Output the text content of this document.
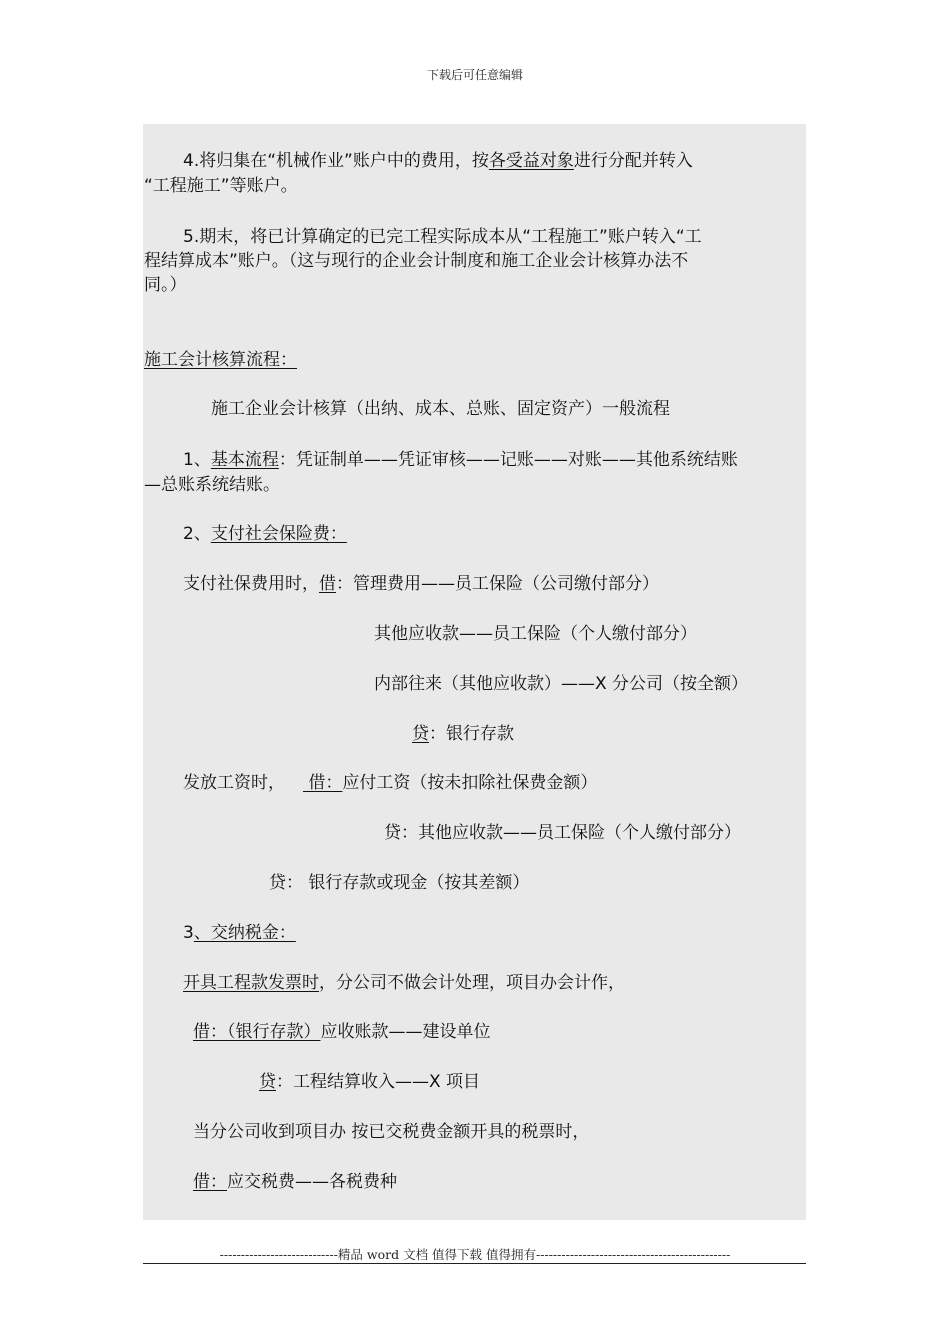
下载后可任意编辑
4.将归集在“机械作业”账户中的费用，按各受益对象进行分配并转入
“工程施工”等账户。
5.期末，将已计算确定的已完工程实际成本从“工程施工”账户转入“工
程结算成本”账户。（这与现行的企业会计制度和施工企业会计核算办法不
同。）
施工会计核算流程：
施工企业会计核算（出纳、成本、总账、固定资产）一般流程
1、基本流程：凭证制单——凭证审核——记账——对账——其他系统结账
—总账系统结账。
2、支付社会保险费：
支付社保费用时，借：管理费用——员工保险（公司缴付部分）
其他应收款——员工保险（个人缴付部分）
内部往来（其他应收款）——X 分公司（按全额）
贷：银行存款
发放工资时， 借：应付工资（按未扣除社保费金额）
贷：其他应收款——员工保险（个人缴付部分）
贷： 银行存款或现金（按其差额）
3、交纳税金：
开具工程款发票时，分公司不做会计处理，项目办会计作，
借：（银行存款）应收账款——建设单位
贷：工程结算收入——X 项目
当分公司收到项目办 按已交税费金额开具的税票时，
借：应交税费——各税费种
----------------------------精品 word 文档 值得下载 值得拥有----------------------------------------------
